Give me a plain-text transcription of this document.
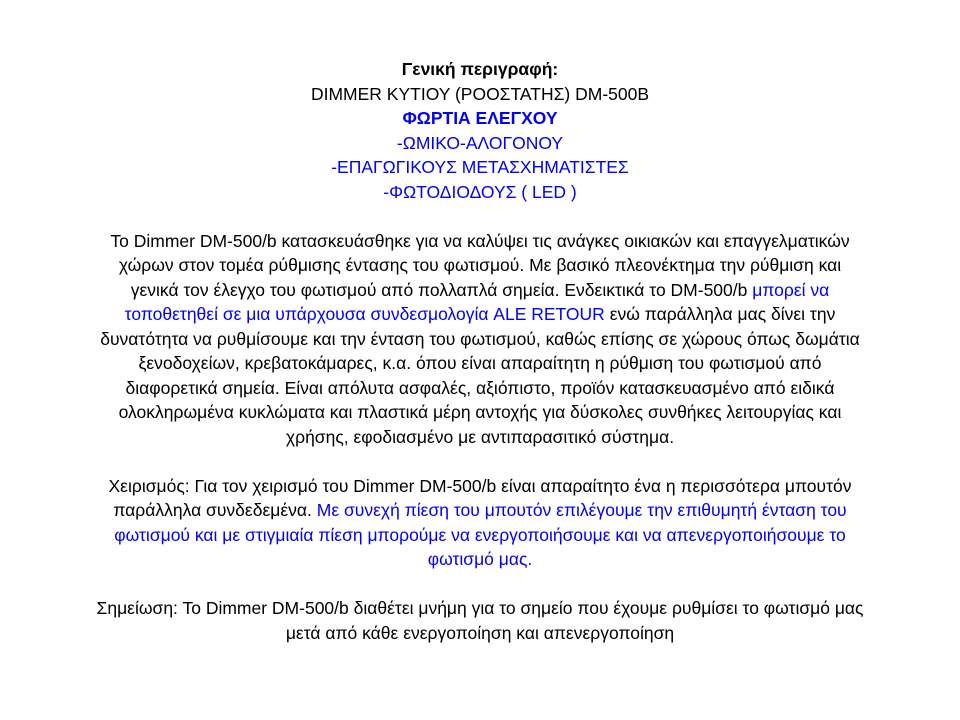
Γενική περιγραφή:
DIMMER ΚΥΤΙΟΥ (ΡΟΟΣΤΑΤΗΣ) DM-500B
ΦΩΡΤΙΑ ΕΛΕΓΧΟΥ
-ΩΜΙΚΟ-ΑΛΟΓΟΝΟΥ
-ΕΠΑΓΩΓΙΚΟΥΣ ΜΕΤΑΣΧΗΜΑΤΙΣΤΕΣ
-ΦΩΤΟΔΙΟΔΟΥΣ ( LED )
Το Dimmer DM-500/b κατασκευάσθηκε για να καλύψει τις ανάγκες οικιακών και επαγγελματικών
χώρων στον τομέα ρύθμισης έντασης του φωτισμού. Με βασικό πλεονέκτημα την ρύθμιση και
γενικά τον έλεγχο του φωτισμού από πολλαπλά σημεία. Ενδεικτικά το DM-500/b μπορεί να
τοποθετηθεί σε μια υπάρχουσα συνδεσμολογία ALE RETOUR ενώ παράλληλα μας δίνει την
δυνατότητα να ρυθμίσουμε και την ένταση του φωτισμού, καθώς επίσης σε χώρους όπως δωμάτια
ξενοδοχείων, κρεβατοκάμαρες, κ.α. όπου είναι απαραίτητη η ρύθμιση του φωτισμού από
διαφορετικά σημεία. Είναι απόλυτα ασφαλές, αξιόπιστο, προϊόν κατασκευασμένο από ειδικά
ολοκληρωμένα κυκλώματα και πλαστικά μέρη αντοχής για δύσκολες συνθήκες λειτουργίας και
χρήσης, εφοδιασμένο με αντιπαρασιτικό σύστημα.
Χειρισμός: Για τον χειρισμό του Dimmer DM-500/b είναι απαραίτητο ένα η περισσότερα μπουτόν
παράλληλα συνδεδεμένα. Με συνεχή πίεση του μπουτόν επιλέγουμε την επιθυμητή ένταση του
φωτισμού και με στιγμιαία πίεση μπορούμε να ενεργοποιήσουμε και να απενεργοποιήσουμε το
φωτισμό μας.
Σημείωση: Το Dimmer DM-500/b διαθέτει μνήμη για το σημείο που έχουμε ρυθμίσει το φωτισμό μας
μετά από κάθε ενεργοποίηση και απενεργοποίηση
